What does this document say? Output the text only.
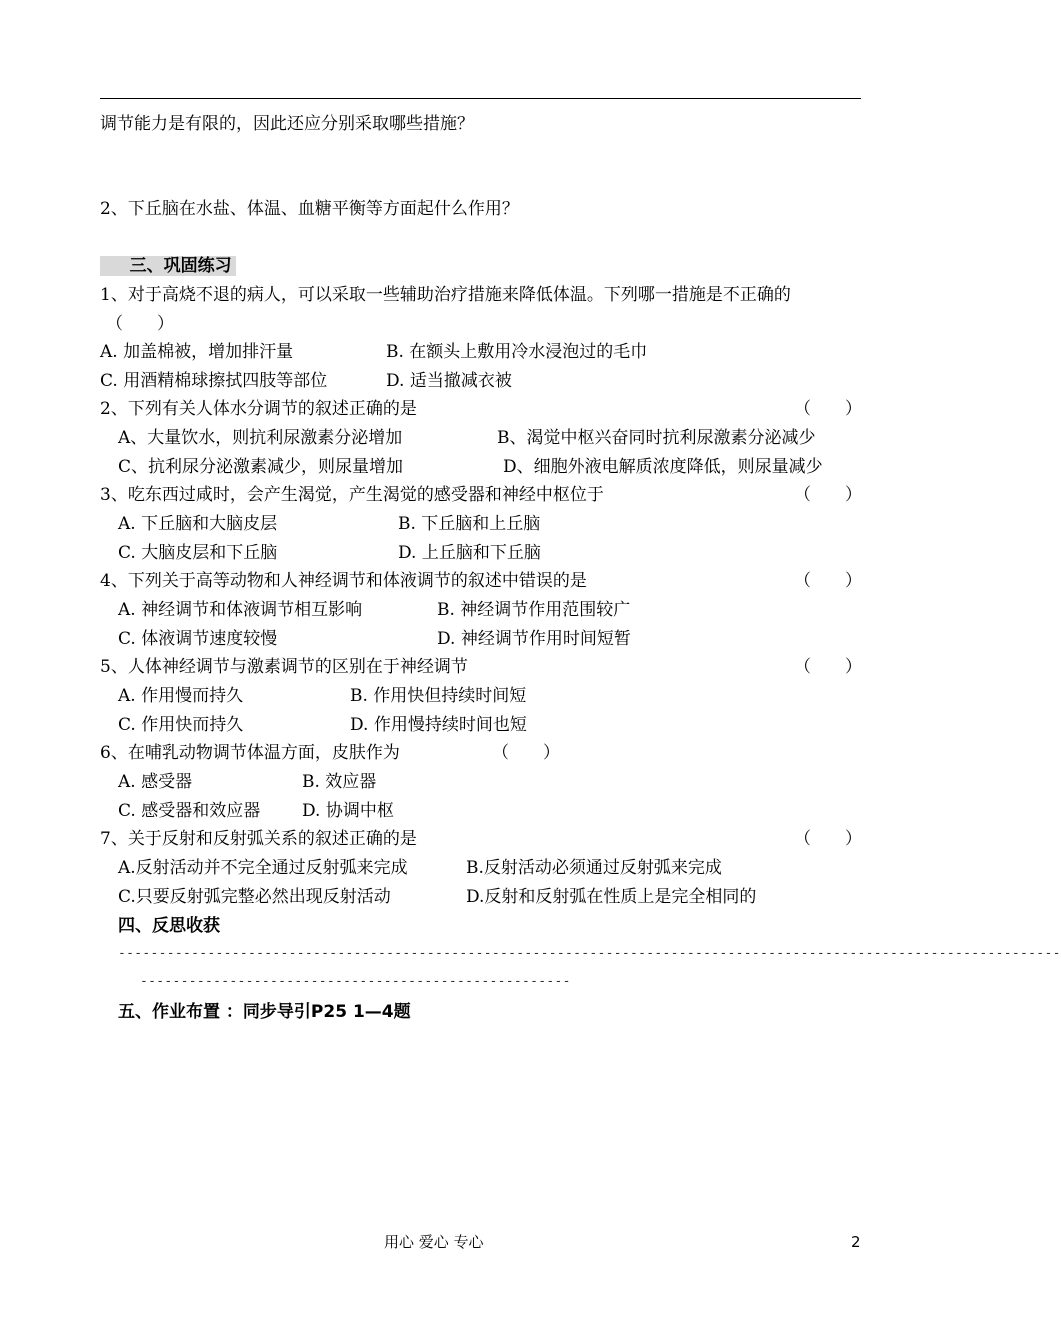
调节能力是有限的，因此还应分别采取哪些措施？
2、下丘脑在水盐、体温、血糖平衡等方面起什么作用？
三、巩固练习
1、对于高烧不退的病人，可以采取一些辅助治疗措施来降低体温。下列哪一措施是不正确的
（　　）
A. 加盖棉被，增加排汗量	B. 在额头上敷用冷水浸泡过的毛巾
C. 用酒精棉球擦拭四肢等部位	D. 适当撤减衣被
2、下列有关人体水分调节的叙述正确的是	（　　）
A、大量饮水，则抗利尿激素分泌增加	B、渴觉中枢兴奋同时抗利尿激素分泌减少
C、抗利尿分泌激素减少，则尿量增加	D、细胞外液电解质浓度降低，则尿量减少
3、吃东西过咸时，会产生渴觉，产生渴觉的感受器和神经中枢位于	（　　）
A. 下丘脑和大脑皮层	B. 下丘脑和上丘脑
C. 大脑皮层和下丘脑	D. 上丘脑和下丘脑
4、下列关于高等动物和人神经调节和体液调节的叙述中错误的是	（　　）
A. 神经调节和体液调节相互影响	B. 神经调节作用范围较广
C. 体液调节速度较慢	D. 神经调节作用时间短暂
5、人体神经调节与激素调节的区别在于神经调节	（　　）
A. 作用慢而持久	B. 作用快但持续时间短
C. 作用快而持久	D. 作用慢持续时间也短
6、在哺乳动物调节体温方面，皮肤作为	（　　）
A. 感受器	B. 效应器
C. 感受器和效应器 D. 协调中枢
7、关于反射和反射弧关系的叙述正确的是	（　　）
A.反射活动并不完全通过反射弧来完成	B.反射活动必须通过反射弧来完成
C.只要反射弧完整必然出现反射活动	D.反射和反射弧在性质上是完全相同的
四、反思收获
--------------------------------------------------------------------------------------------------------------------
-----------------------------------------------------
五、作业布置 ：同步导引P25 1—4题
用心 爱心 专心	2
